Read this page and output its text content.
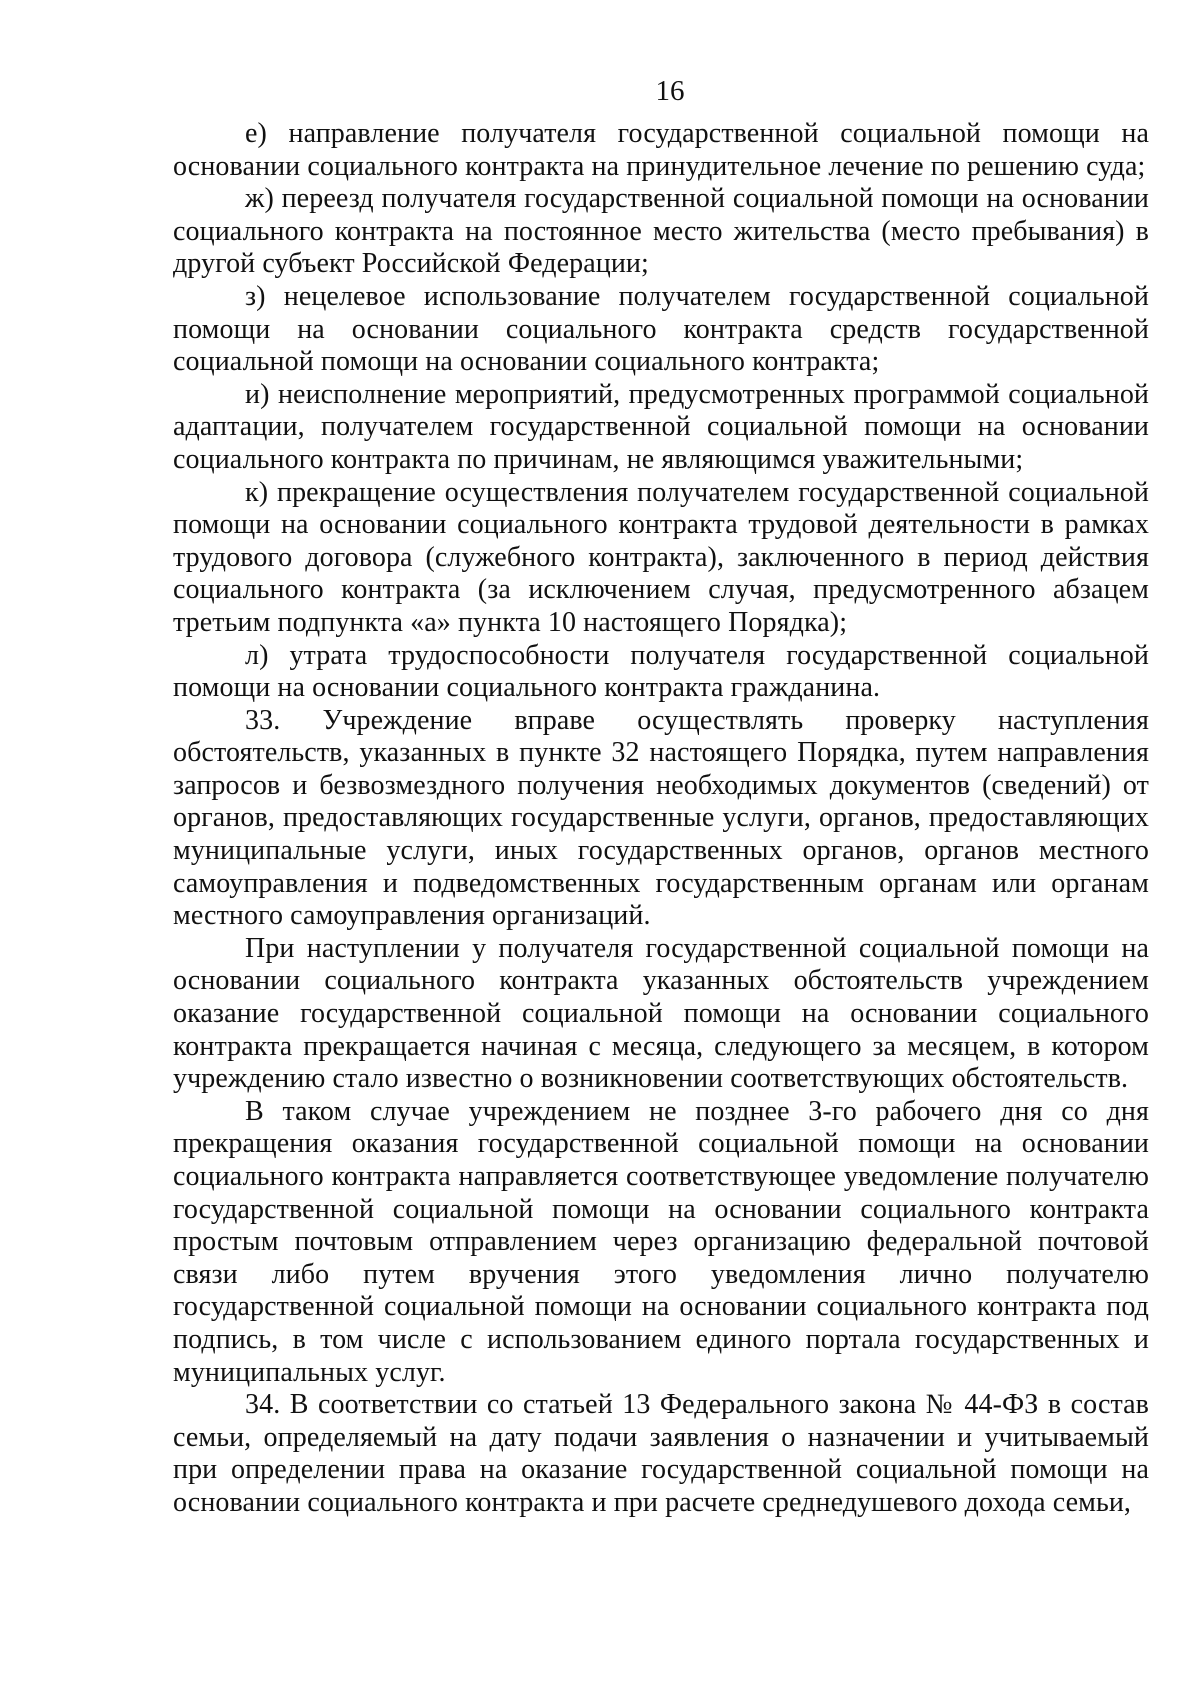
16

е) направление получателя государственной социальной помощи на основании социального контракта на принудительное лечение по решению суда;

ж) переезд получателя государственной социальной помощи на основании социального контракта на постоянное место жительства (место пребывания) в другой субъект Российской Федерации;

з) нецелевое использование получателем государственной социальной помощи на основании социального контракта средств государственной социальной помощи на основании социального контракта;

и) неисполнение мероприятий, предусмотренных программой социальной адаптации, получателем государственной социальной помощи на основании социального контракта по причинам, не являющимся уважительными;

к) прекращение осуществления получателем государственной социальной помощи на основании социального контракта трудовой деятельности в рамках трудового договора (служебного контракта), заключенного в период действия социального контракта (за исключением случая, предусмотренного абзацем третьим подпункта «а» пункта 10 настоящего Порядка);

л) утрата трудоспособности получателя государственной социальной помощи на основании социального контракта гражданина.

33. Учреждение вправе осуществлять проверку наступления обстоятельств, указанных в пункте 32 настоящего Порядка, путем направления запросов и безвозмездного получения необходимых документов (сведений) от органов, предоставляющих государственные услуги, органов, предоставляющих муниципальные услуги, иных государственных органов, органов местного самоуправления и подведомственных государственным органам или органам местного самоуправления организаций.

При наступлении у получателя государственной социальной помощи на основании социального контракта указанных обстоятельств учреждением оказание государственной социальной помощи на основании социального контракта прекращается начиная с месяца, следующего за месяцем, в котором учреждению стало известно о возникновении соответствующих обстоятельств.

В таком случае учреждением не позднее 3-го рабочего дня со дня прекращения оказания государственной социальной помощи на основании социального контракта направляется соответствующее уведомление получателю государственной социальной помощи на основании социального контракта простым почтовым отправлением через организацию федеральной почтовой связи либо путем вручения этого уведомления лично получателю государственной социальной помощи на основании социального контракта под подпись, в том числе с использованием единого портала государственных и муниципальных услуг.

34. В соответствии со статьей 13 Федерального закона № 44-ФЗ в состав семьи, определяемый на дату подачи заявления о назначении и учитываемый при определении права на оказание государственной социальной помощи на основании социального контракта и при расчете среднедушевого дохода семьи,
